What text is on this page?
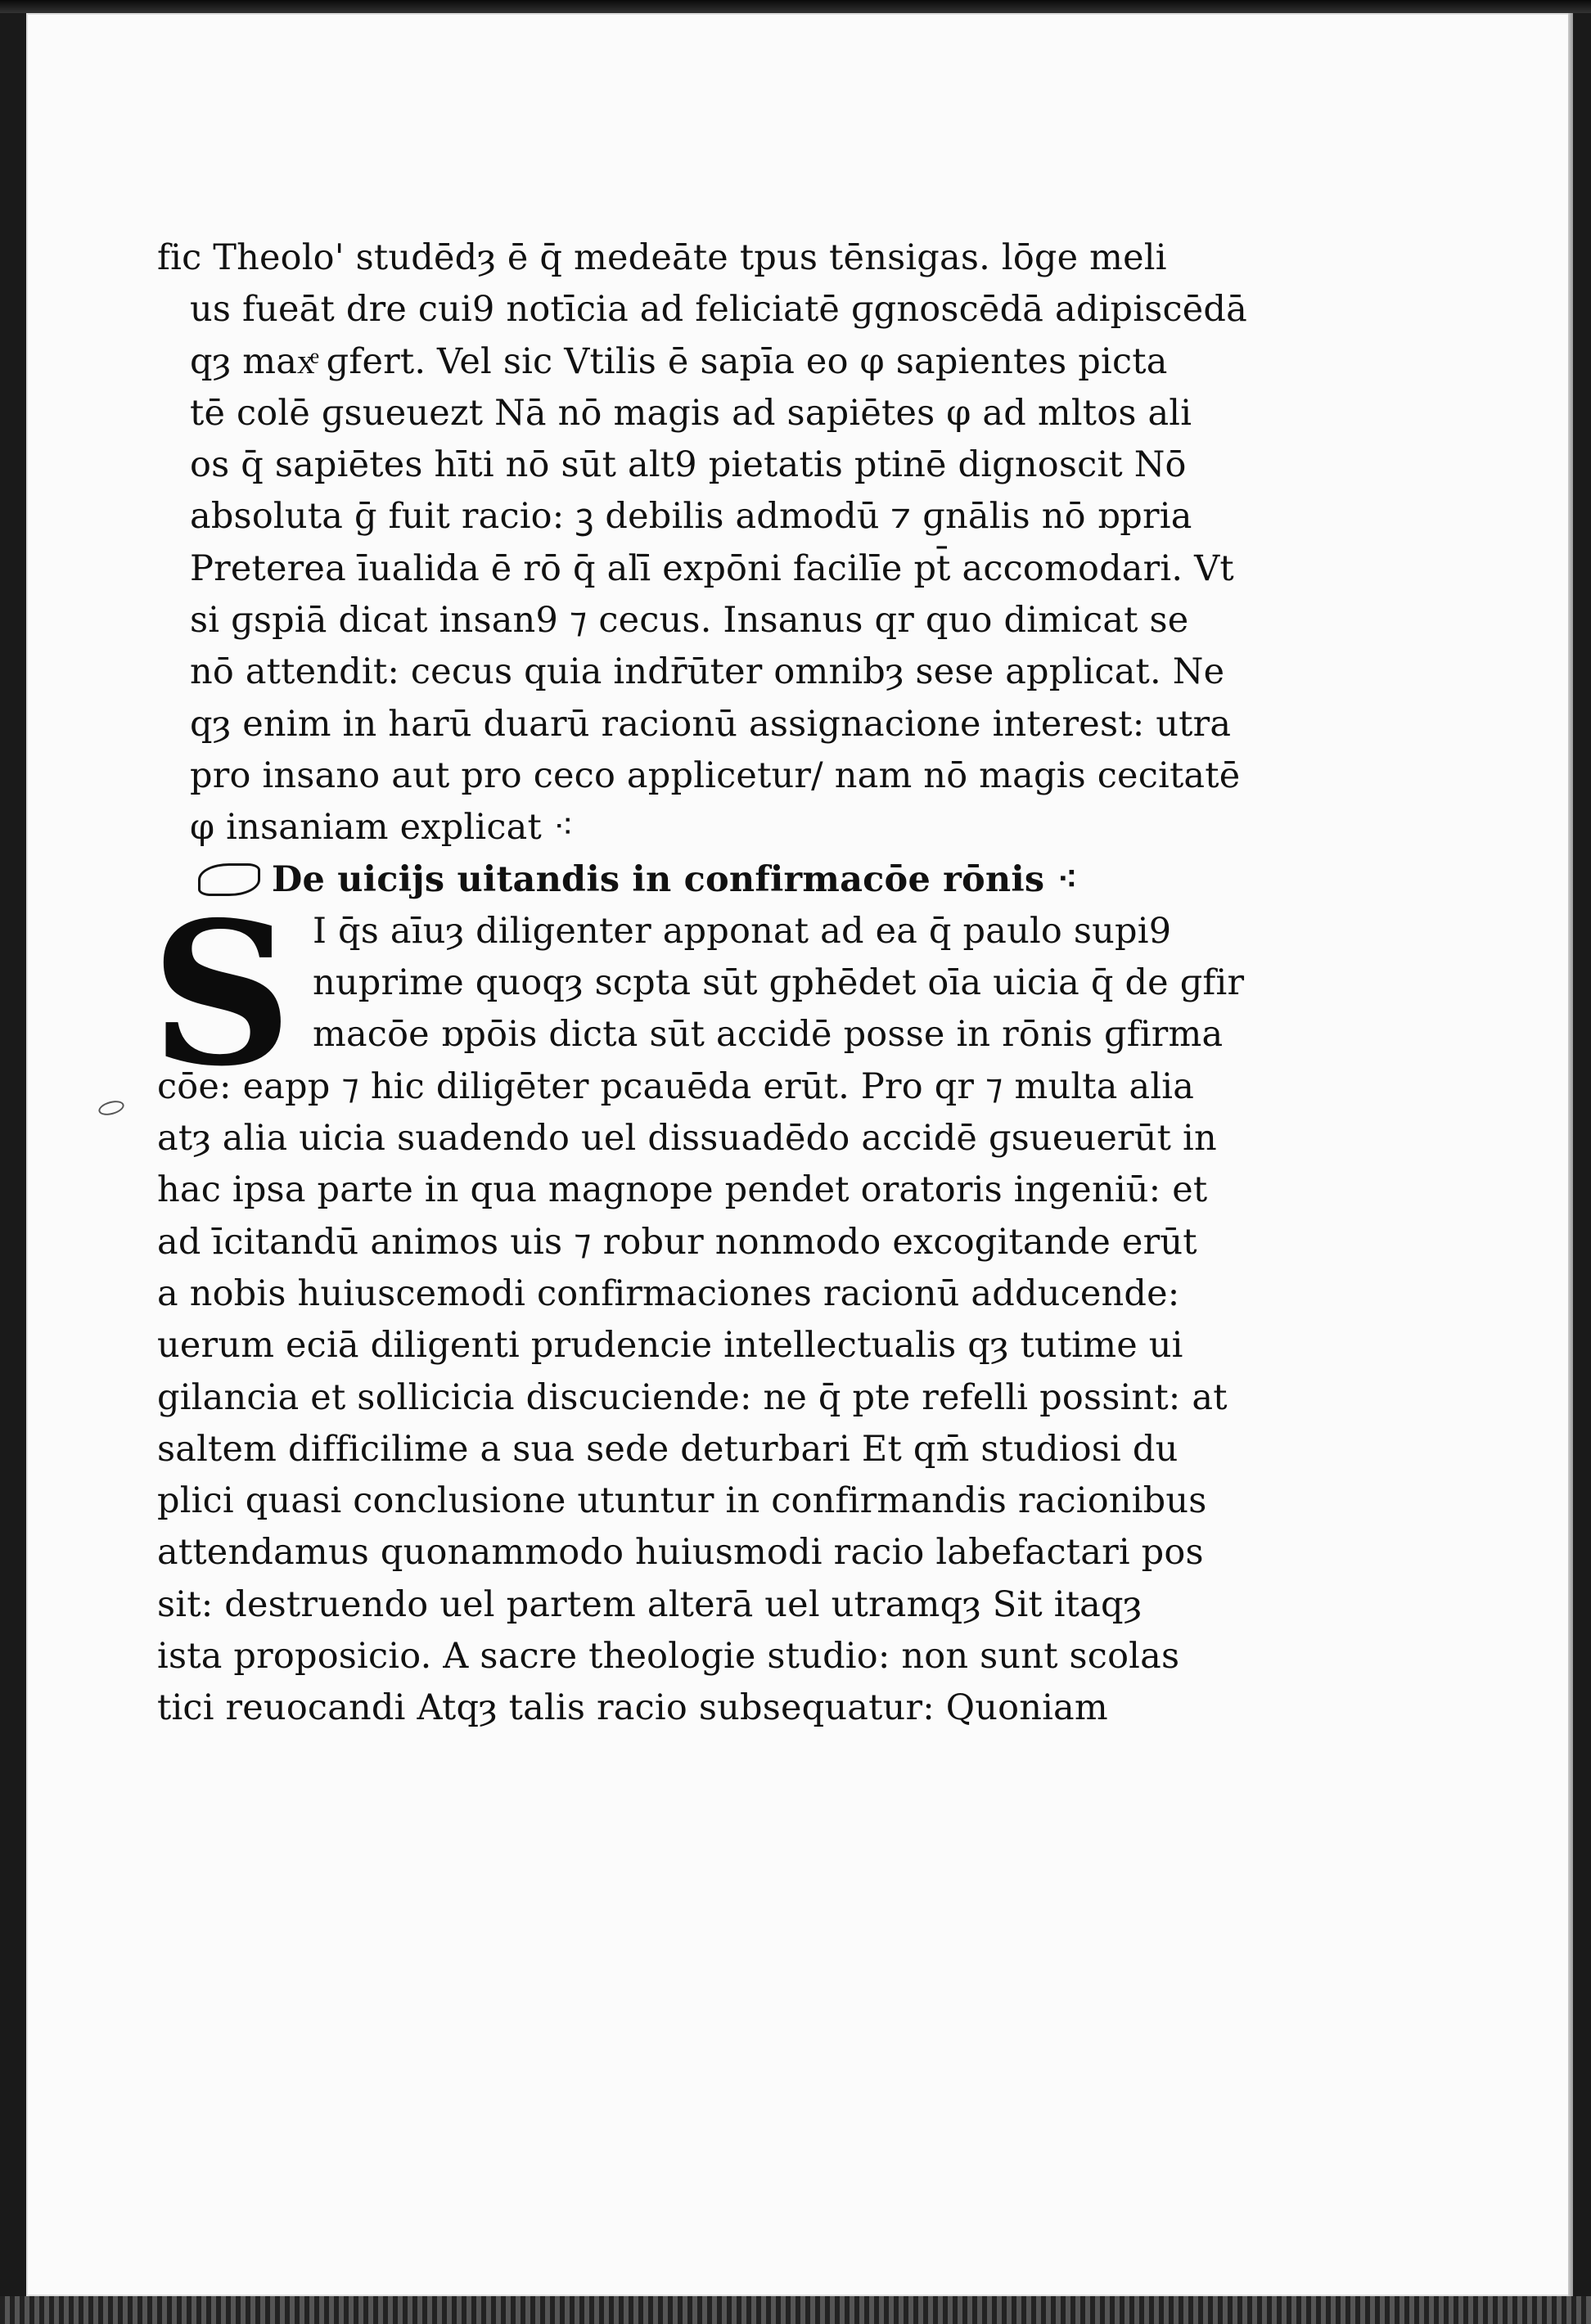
fic Theolo' studēdȝ ē q̄ medeāte tpus tēnsigas. lōge meli
us fueāt dre cui9 notīcia ad feliciatē ɡgnoscēdā adipiscēdā
qȝ maxͤ ɡfert. Vel sic Vtilis ē sapīa eo φ sapientes picta
tē colē ɡsueuezt Nā nō magis ad sapiētes φ ad mltos ali
os q̄ sapiētes hīti nō sūt alt9 pietatis ptinē dignoscit Nō
absoluta ḡ fuit racio: ꝫ debilis admodū ⁊ ɡnālis nō ɒpria
Preterea īualida ē rō q̄ alī̄ expōni facilīe pt̄ accomodari. Vt
si ɡspiā dicat insan9 ⁊ cecus. Insanus qr quo dimicat se
nō attendit: cecus quia indr̄ūter omnibȝ sese applicat. Ne
qȝ enim in harū duarū racionū assignacione interest: utra
pro insano aut pro ceco applicetur/ nam nō magis cecitatē
φ insaniam explicat ⁖
De uicijs uitandis in confirmacōe rōnis ⁖
S I q̄s aīuȝ diligenter apponat ad ea q̄ paulo supi9
nuprime quoqȝ scpta sūt ɡphēdet oīa uicia q̄ de ɡfir
macōe ɒpōis dicta sūt accidē posse in rōnis ɡfirma
cōe: eapp ⁊ hic diligēter pcauēda erūt. Pro qr ⁊ multa alia
atȝ alia uicia suadendo uel dissuadēdo accidē ɡsueuerūt in
hac ipsa parte in qua magnope pendet oratoris ingeniū: et
ad īcitandū animos uis ⁊ robur nonmodo excogitande erūt
a nobis huiuscemodi confirmaciones racionū adducende:
uerum eciā diligenti prudencie intellectualis qȝ tutime ui
gilancia et sollicicia discuciende: ne q̄ pte refelli possint: at
saltem difficilime a sua sede deturbari Et qm̄ studiosi du
plici quasi conclusione utuntur in confirmandis racionibus
attendamus quonammodo huiusmodi racio labefactari pos
sit: destruendo uel partem alterā uel utramqȝ Sit itaqȝ
ista proposicio. A sacre theologie studio: non sunt scolas
tici reuocandi Atqȝ talis racio subsequatur: Quoniam
